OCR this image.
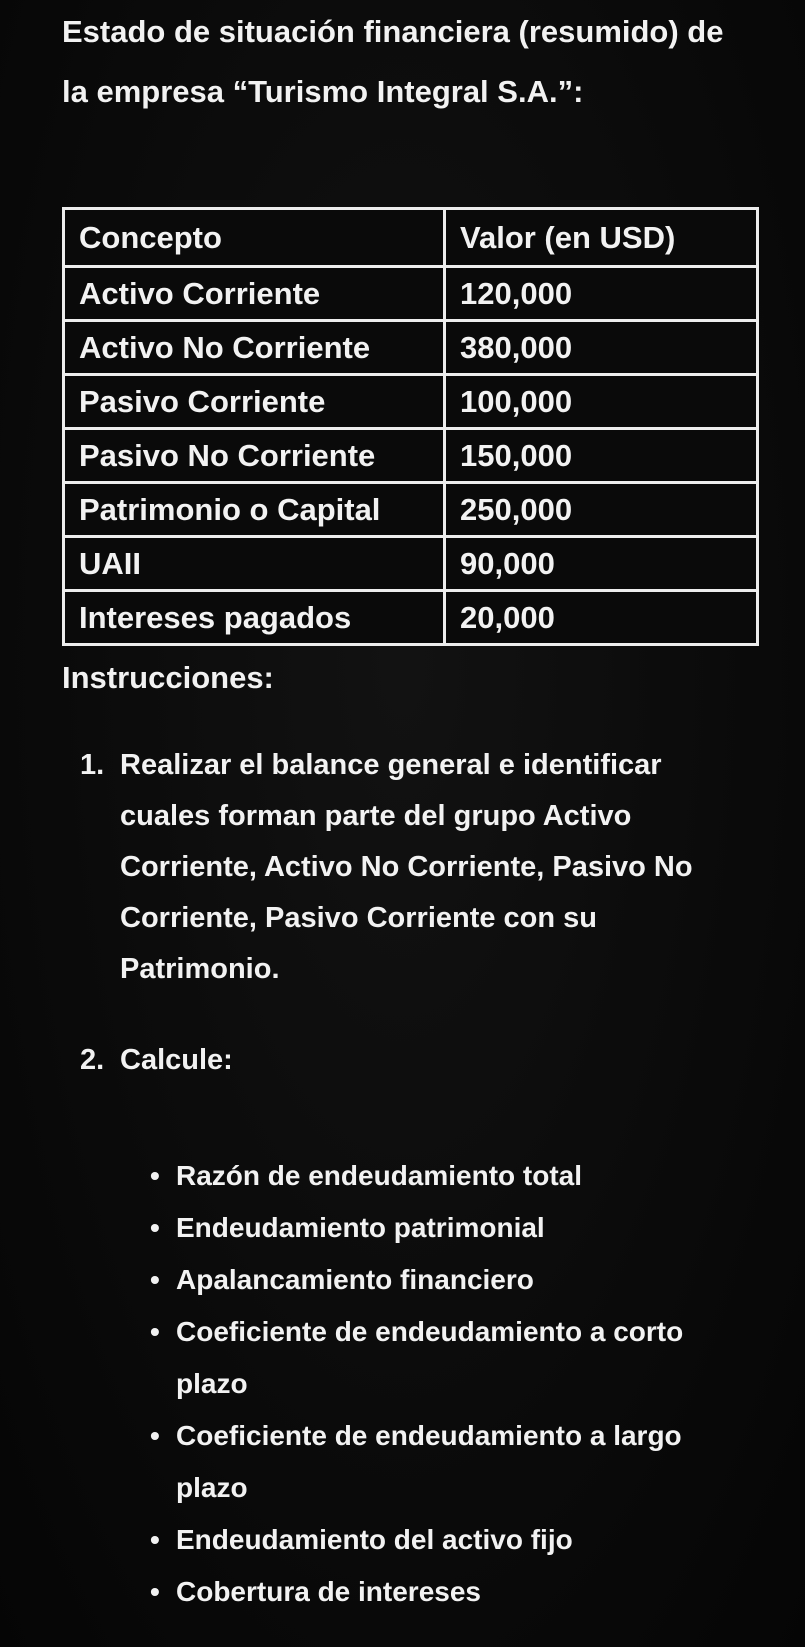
Estado de situación financiera (resumido) de la empresa “Turismo Integral S.A.”:
Concepto	Valor (en USD)
Activo Corriente	120,000
Activo No Corriente	380,000
Pasivo Corriente	100,000
Pasivo No Corriente	150,000
Patrimonio o Capital	250,000
UAII	90,000
Intereses pagados	20,000
Instrucciones:
1. Realizar el balance general e identificar cuales forman parte del grupo Activo Corriente, Activo No Corriente, Pasivo No Corriente, Pasivo Corriente con su Patrimonio.
2. Calcule:
• Razón de endeudamiento total
• Endeudamiento patrimonial
• Apalancamiento financiero
• Coeficiente de endeudamiento a corto plazo
• Coeficiente de endeudamiento a largo plazo
• Endeudamiento del activo fijo
• Cobertura de intereses
